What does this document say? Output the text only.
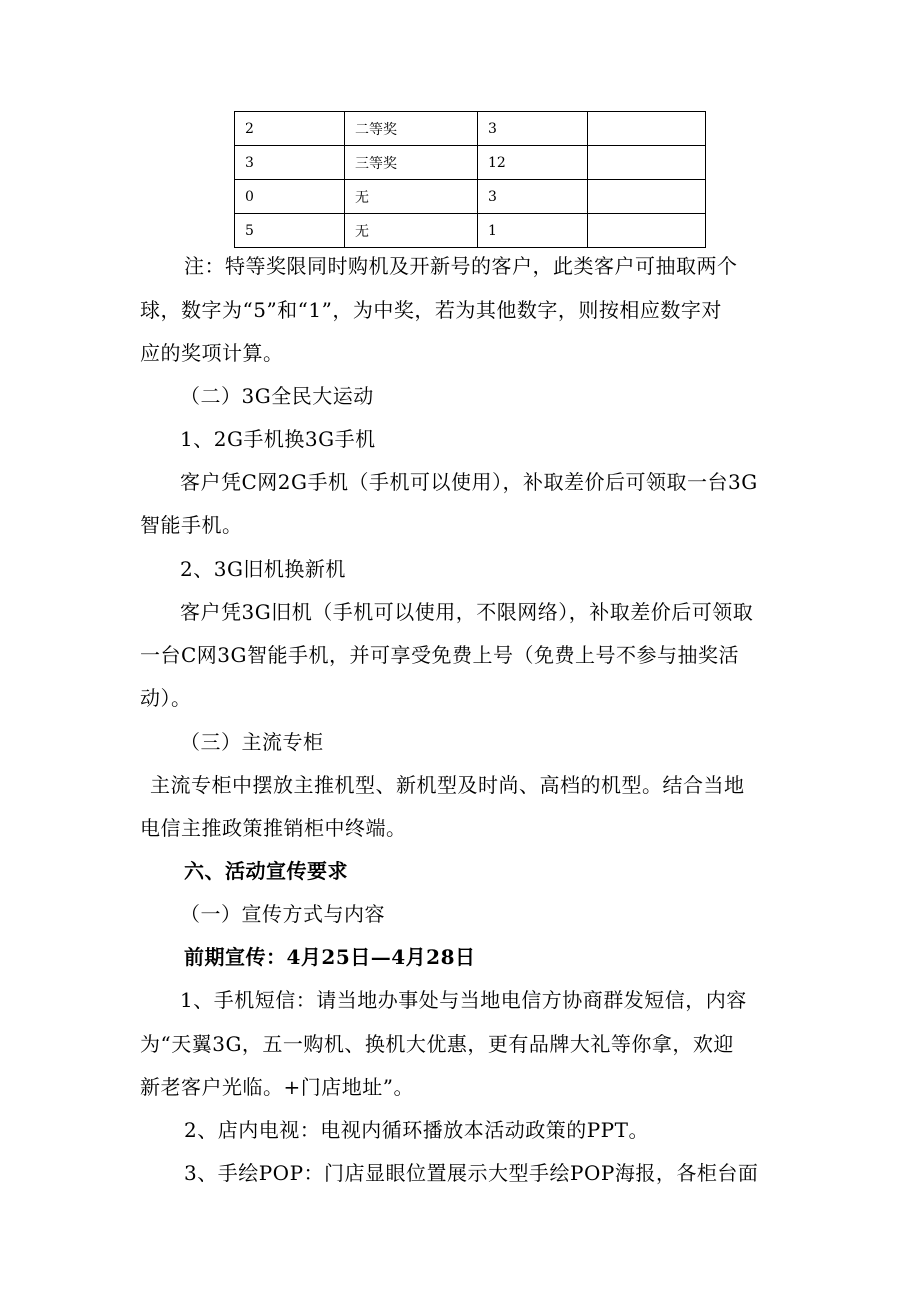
2	二等奖	3	
3	三等奖	12	
0	无	3	
5	无	1	
注：特等奖限同时购机及开新号的客户，此类客户可抽取两个
球，数字为“5”和“1”，为中奖，若为其他数字，则按相应数字对
应的奖项计算。
（二）3G全民大运动
1、2G手机换3G手机
客户凭C网2G手机（手机可以使用），补取差价后可领取一台3G
智能手机。
2、3G旧机换新机
客户凭3G旧机（手机可以使用，不限网络），补取差价后可领取
一台C网3G智能手机，并可享受免费上号（免费上号不参与抽奖活
动）。
（三）主流专柜
主流专柜中摆放主推机型、新机型及时尚、高档的机型。结合当地
电信主推政策推销柜中终端。
六、活动宣传要求
（一）宣传方式与内容
前期宣传：4月25日—4月28日
1、手机短信：请当地办事处与当地电信方协商群发短信，内容
为“天翼3G，五一购机、换机大优惠，更有品牌大礼等你拿，欢迎
新老客户光临。+门店地址”。
2、店内电视：电视内循环播放本活动政策的PPT。
3、手绘POP：门店显眼位置展示大型手绘POP海报，各柜台面
